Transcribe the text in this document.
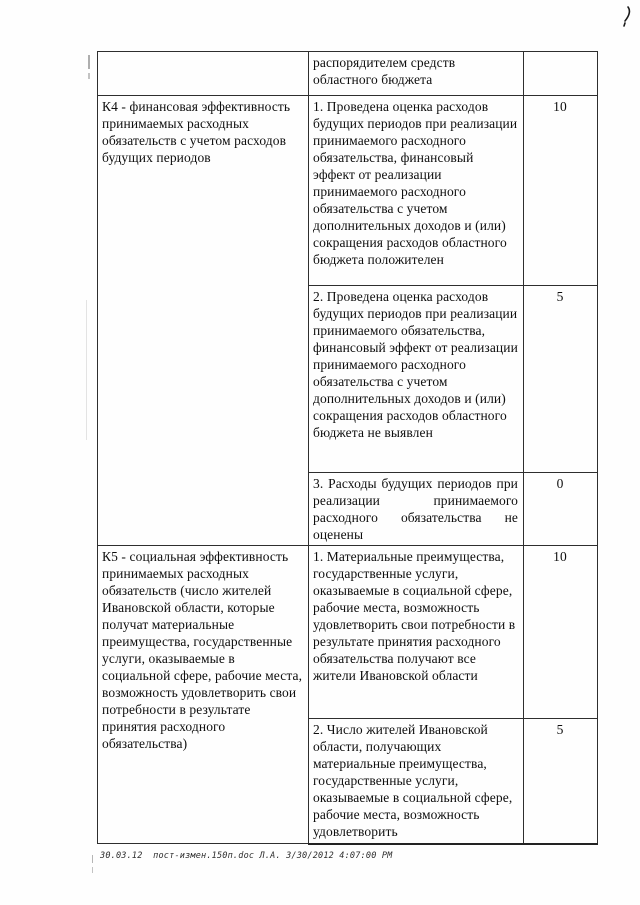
	распорядителем средств областного бюджета	
К4 - финансовая эффективность принимаемых расходных обязательств с учетом расходов будущих периодов	1. Проведена оценка расходов будущих периодов при реализации принимаемого расходного обязательства, финансовый эффект от реализации принимаемого расходного обязательства с учетом дополнительных доходов и (или) сокращения расходов областного бюджета положителен	10
	2. Проведена оценка расходов будущих периодов при реализации принимаемого обязательства, финансовый эффект от реализации принимаемого расходного обязательства с учетом дополнительных доходов и (или) сокращения расходов областного бюджета не выявлен	5
	3. Расходы будущих периодов при реализации принимаемого расходного обязательства не оценены	0
К5 - социальная эффективность принимаемых расходных обязательств (число жителей Ивановской области, которые получат материальные преимущества, государственные услуги, оказываемые в социальной сфере, рабочие места, возможность удовлетворить свои потребности в результате принятия расходного обязательства)	1. Материальные преимущества, государственные услуги, оказываемые в социальной сфере, рабочие места, возможность удовлетворить свои потребности в результате принятия расходного обязательства получают все жители Ивановской области	10
	2. Число жителей Ивановской области, получающих материальные преимущества, государственные услуги, оказываемые в социальной сфере, рабочие места, возможность удовлетворить	5
30.03.12  пост-измен.150п.doc Л.А. 3/30/2012 4:07:00 PM
